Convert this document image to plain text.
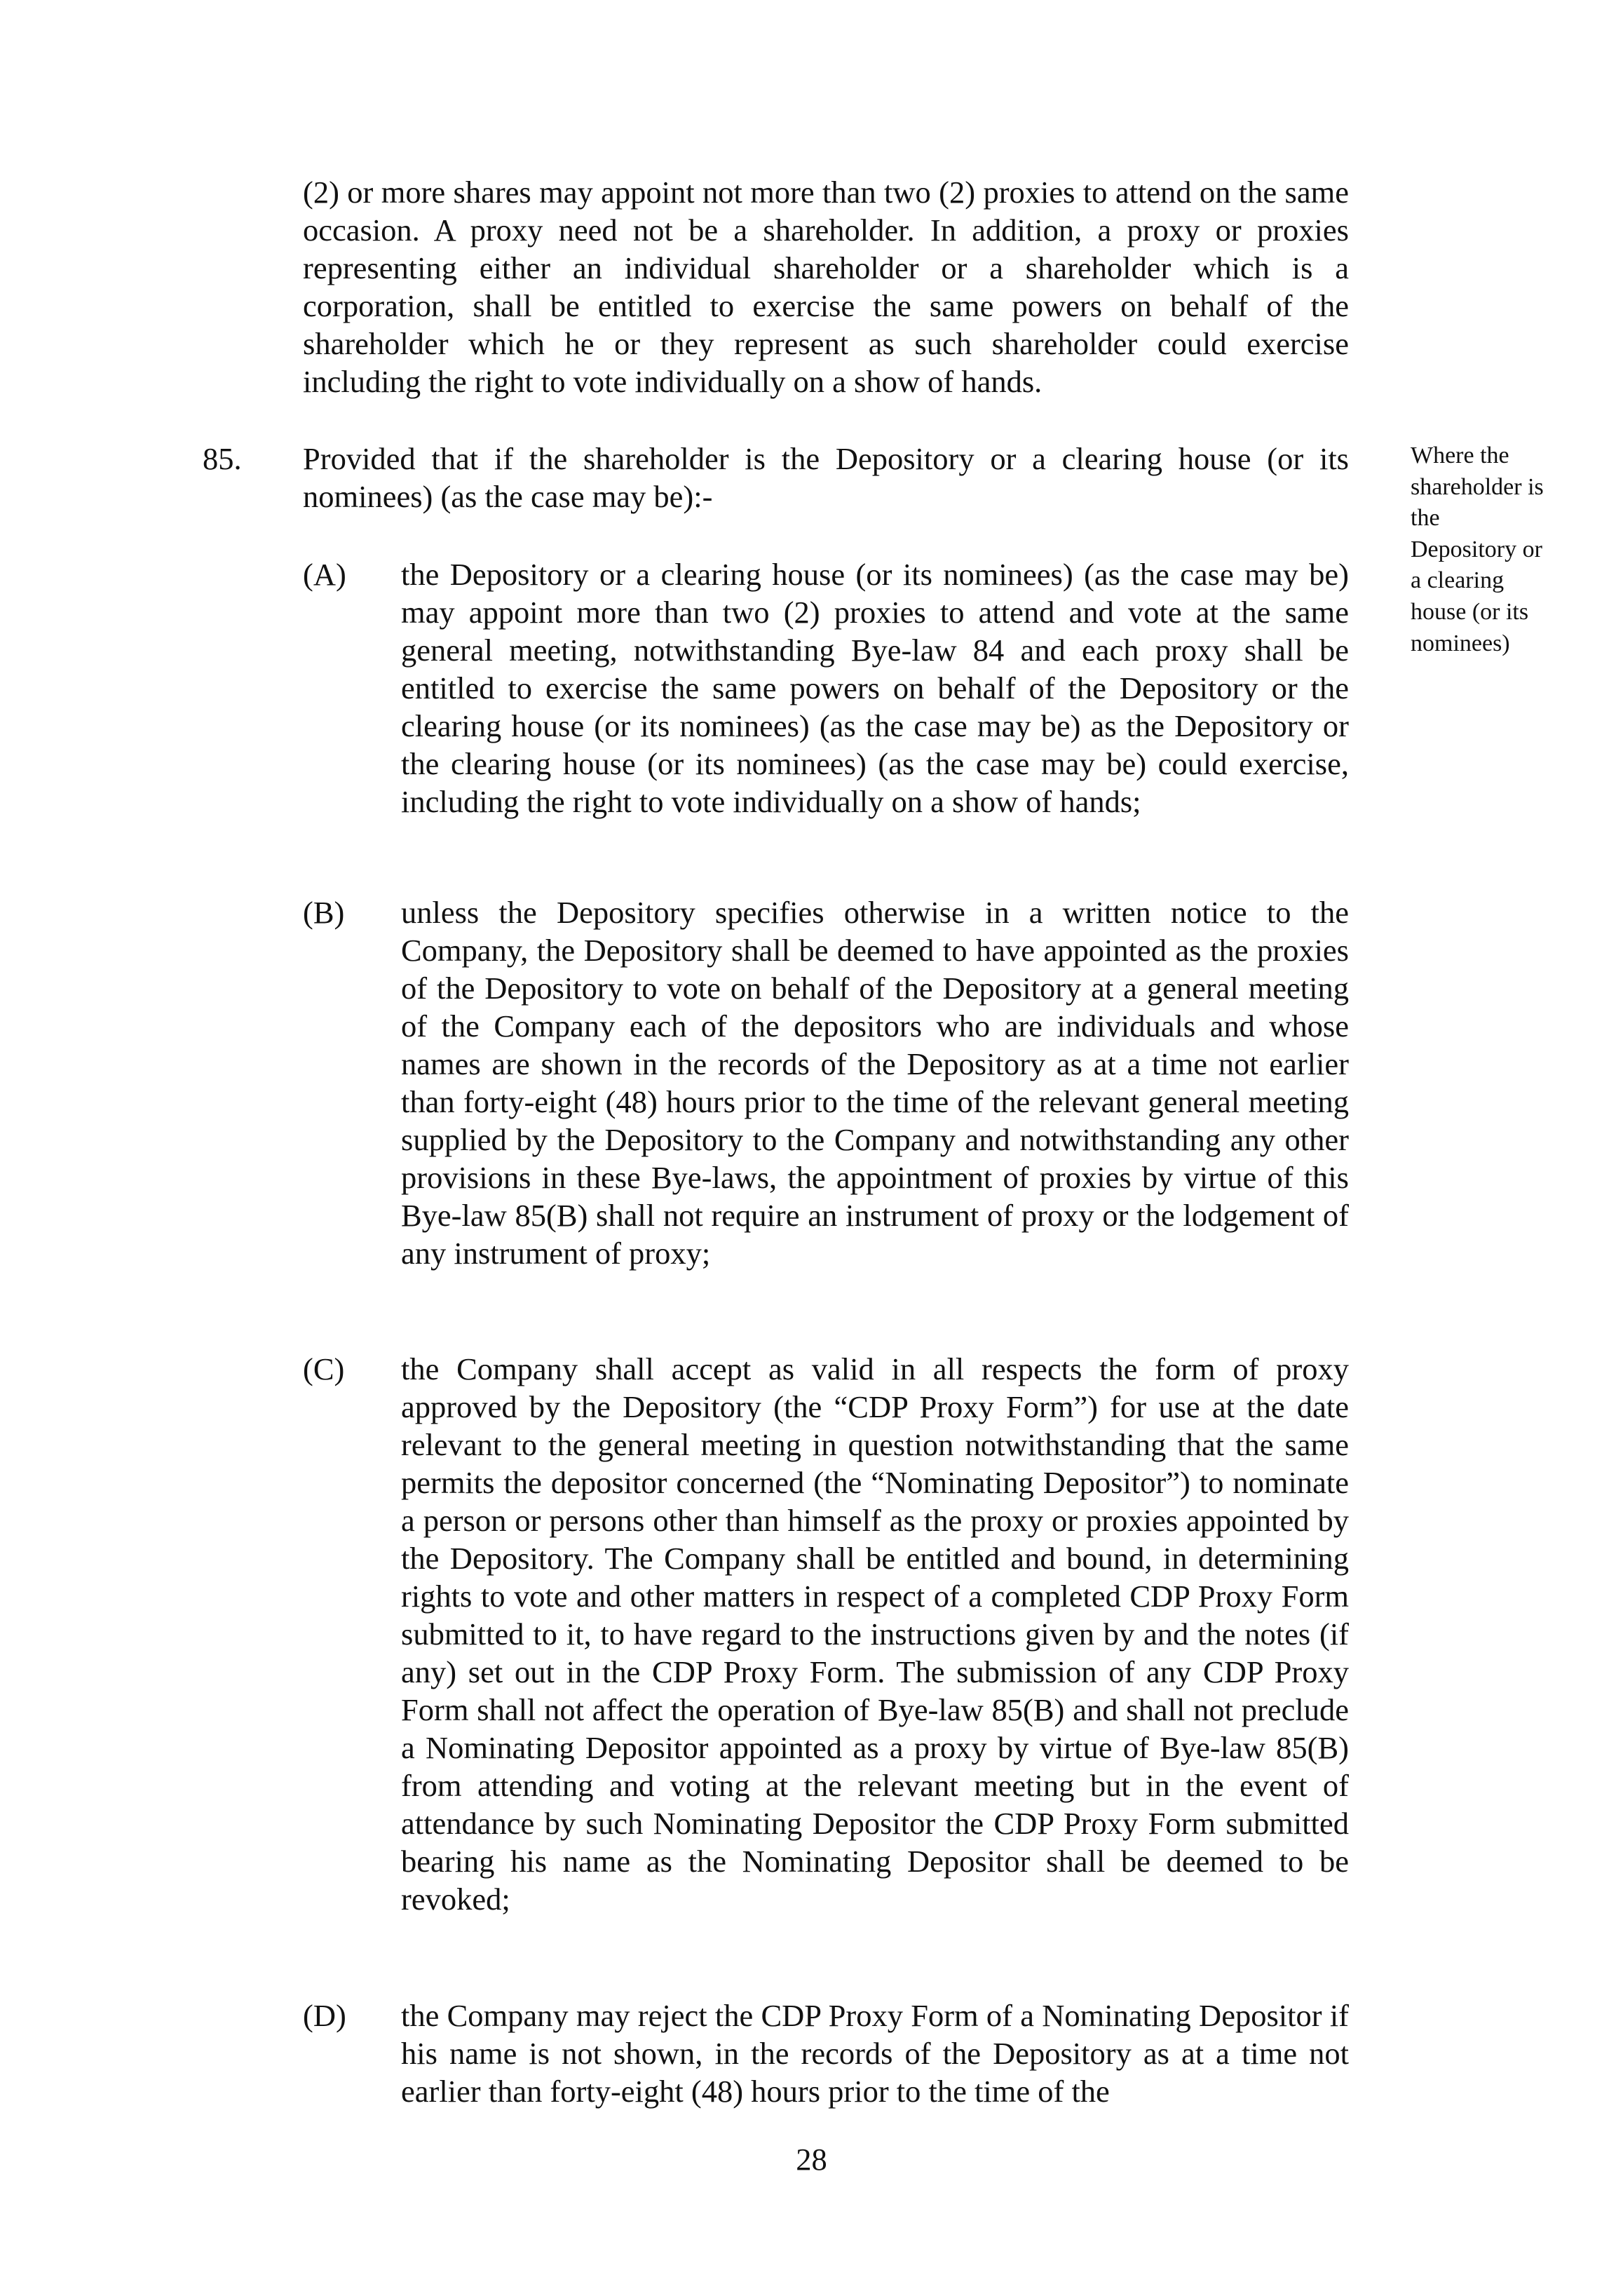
(2) or more shares may appoint not more than two (2) proxies to attend on the same occasion. A proxy need not be a shareholder. In addition, a proxy or proxies representing either an individual shareholder or a shareholder which is a corporation, shall be entitled to exercise the same powers on behalf of the shareholder which he or they represent as such shareholder could exercise including the right to vote individually on a show of hands.

85. Provided that if the shareholder is the Depository or a clearing house (or its nominees) (as the case may be):-

Where the shareholder is the Depository or a clearing house (or its nominees)
(A) the Depository or a clearing house (or its nominees) (as the case may be) may appoint more than two (2) proxies to attend and vote at the same general meeting, notwithstanding Bye-law 84 and each proxy shall be entitled to exercise the same powers on behalf of the Depository or the clearing house (or its nominees) (as the case may be) as the Depository or the clearing house (or its nominees) (as the case may be) could exercise, including the right to vote individually on a show of hands;

(B) unless the Depository specifies otherwise in a written notice to the Company, the Depository shall be deemed to have appointed as the proxies of the Depository to vote on behalf of the Depository at a general meeting of the Company each of the depositors who are individuals and whose names are shown in the records of the Depository as at a time not earlier than forty-eight (48) hours prior to the time of the relevant general meeting supplied by the Depository to the Company and notwithstanding any other provisions in these Bye-laws, the appointment of proxies by virtue of this Bye-law 85(B) shall not require an instrument of proxy or the lodgement of any instrument of proxy;

(C) the Company shall accept as valid in all respects the form of proxy approved by the Depository (the “CDP Proxy Form”) for use at the date relevant to the general meeting in question notwithstanding that the same permits the depositor concerned (the “Nominating Depositor”) to nominate a person or persons other than himself as the proxy or proxies appointed by the Depository. The Company shall be entitled and bound, in determining rights to vote and other matters in respect of a completed CDP Proxy Form submitted to it, to have regard to the instructions given by and the notes (if any) set out in the CDP Proxy Form. The submission of any CDP Proxy Form shall not affect the operation of Bye-law 85(B) and shall not preclude a Nominating Depositor appointed as a proxy by virtue of Bye-law 85(B) from attending and voting at the relevant meeting but in the event of attendance by such Nominating Depositor the CDP Proxy Form submitted bearing his name as the Nominating Depositor shall be deemed to be revoked;

(D) the Company may reject the CDP Proxy Form of a Nominating Depositor if his name is not shown, in the records of the Depository as at a time not earlier than forty-eight (48) hours prior to the time of the

28
